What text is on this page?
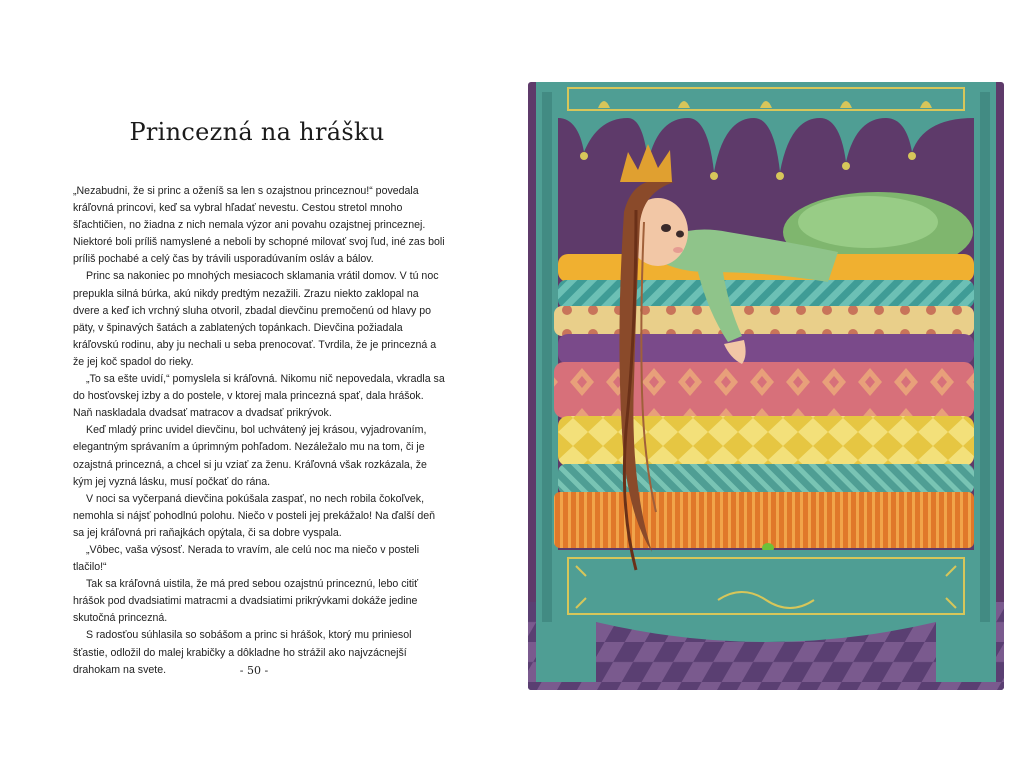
Princezná na hrášku

„Nezabudni, že si princ a oženíš sa len s ozajstnou princeznou!“ povedala kráľovná princovi, keď sa vybral hľadať nevestu. Cestou stretol mnoho šľachtičien, no žiadna z nich nemala výzor ani povahu ozajstnej princeznej. Niektoré boli príliš namyslené a neboli by schopné milovať svoj ľud, iné zas boli príliš pochabé a celý čas by trávili usporadúvaním osláv a bálov.

Princ sa nakoniec po mnohých mesiacoch sklamania vrátil domov. V tú noc prepukla silná búrka, akú nikdy predtým nezažili. Zrazu niekto zaklopal na dvere a keď ich vrchný sluha otvoril, zbadal dievčinu premočenú od hlavy po päty, v špinavých šatách a zablatených topánkach. Dievčina požiadala kráľovskú rodinu, aby ju nechali u seba prenocovať. Tvrdila, že je princezná a že jej koč spadol do rieky.

„To sa ešte uvidí,“ pomyslela si kráľovná. Nikomu nič nepovedala, vkradla sa do hosťovskej izby a do postele, v ktorej mala princezná spať, dala hrášok. Naň naskladala dvadsať matracov a dvadsať prikrývok.

Keď mladý princ uvidel dievčinu, bol uchvátený jej krásou, vyjadrovaním, elegantným správaním a úprimným pohľadom. Nezáležalo mu na tom, či je ozajstná princezná, a chcel si ju vziať za ženu. Kráľovná však rozkázala, že kým jej vyzná lásku, musí počkať do rána.

V noci sa vyčerpaná dievčina pokúšala zaspať, no nech robila čokoľvek, nemohla si nájsť pohodlnú polohu. Niečo v posteli jej prekážalo! Na ďalší deň sa jej kráľovná pri raňajkách opýtala, či sa dobre vyspala.

„Vôbec, vaša výsosť. Nerada to vravím, ale celú noc ma niečo v posteli tlačilo!“

Tak sa kráľovná uistila, že má pred sebou ozajstnú princeznú, lebo citiť hrášok pod dvadsiatimi matracmi a dvadsiatimi prikrývkami dokáže jedine skutočná princezná.

S radosťou súhlasila so sobášom a princ si hrášok, ktorý mu priniesol šťastie, odložil do malej krabičky a dôkladne ho strážil ako najvzácnejší drahokam na svete.	- 50 -
